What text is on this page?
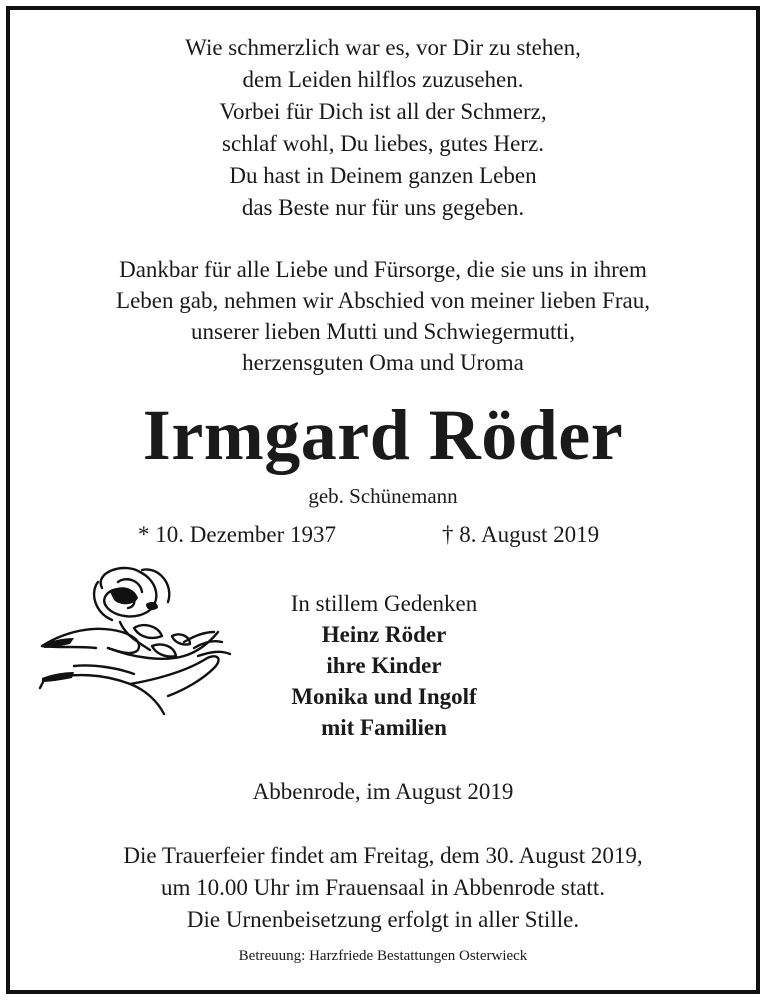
Wie schmerzlich war es, vor Dir zu stehen,
dem Leiden hilflos zuzusehen.
Vorbei für Dich ist all der Schmerz,
schlaf wohl, Du liebes, gutes Herz.
Du hast in Deinem ganzen Leben
das Beste nur für uns gegeben.
Dankbar für alle Liebe und Fürsorge, die sie uns in ihrem
Leben gab, nehmen wir Abschied von meiner lieben Frau,
unserer lieben Mutti und Schwiegermutti,
herzensguten Oma und Uroma
Irmgard Röder
geb. Schünemann
* 10. Dezember 1937	† 8. August 2019
In stillem Gedenken
Heinz Röder
ihre Kinder
Monika und Ingolf
mit Familien
Abbenrode, im August 2019
Die Trauerfeier findet am Freitag, dem 30. August 2019,
um 10.00 Uhr im Frauensaal in Abbenrode statt.
Die Urnenbeisetzung erfolgt in aller Stille.
Betreuung: Harzfriede Bestattungen Osterwieck
